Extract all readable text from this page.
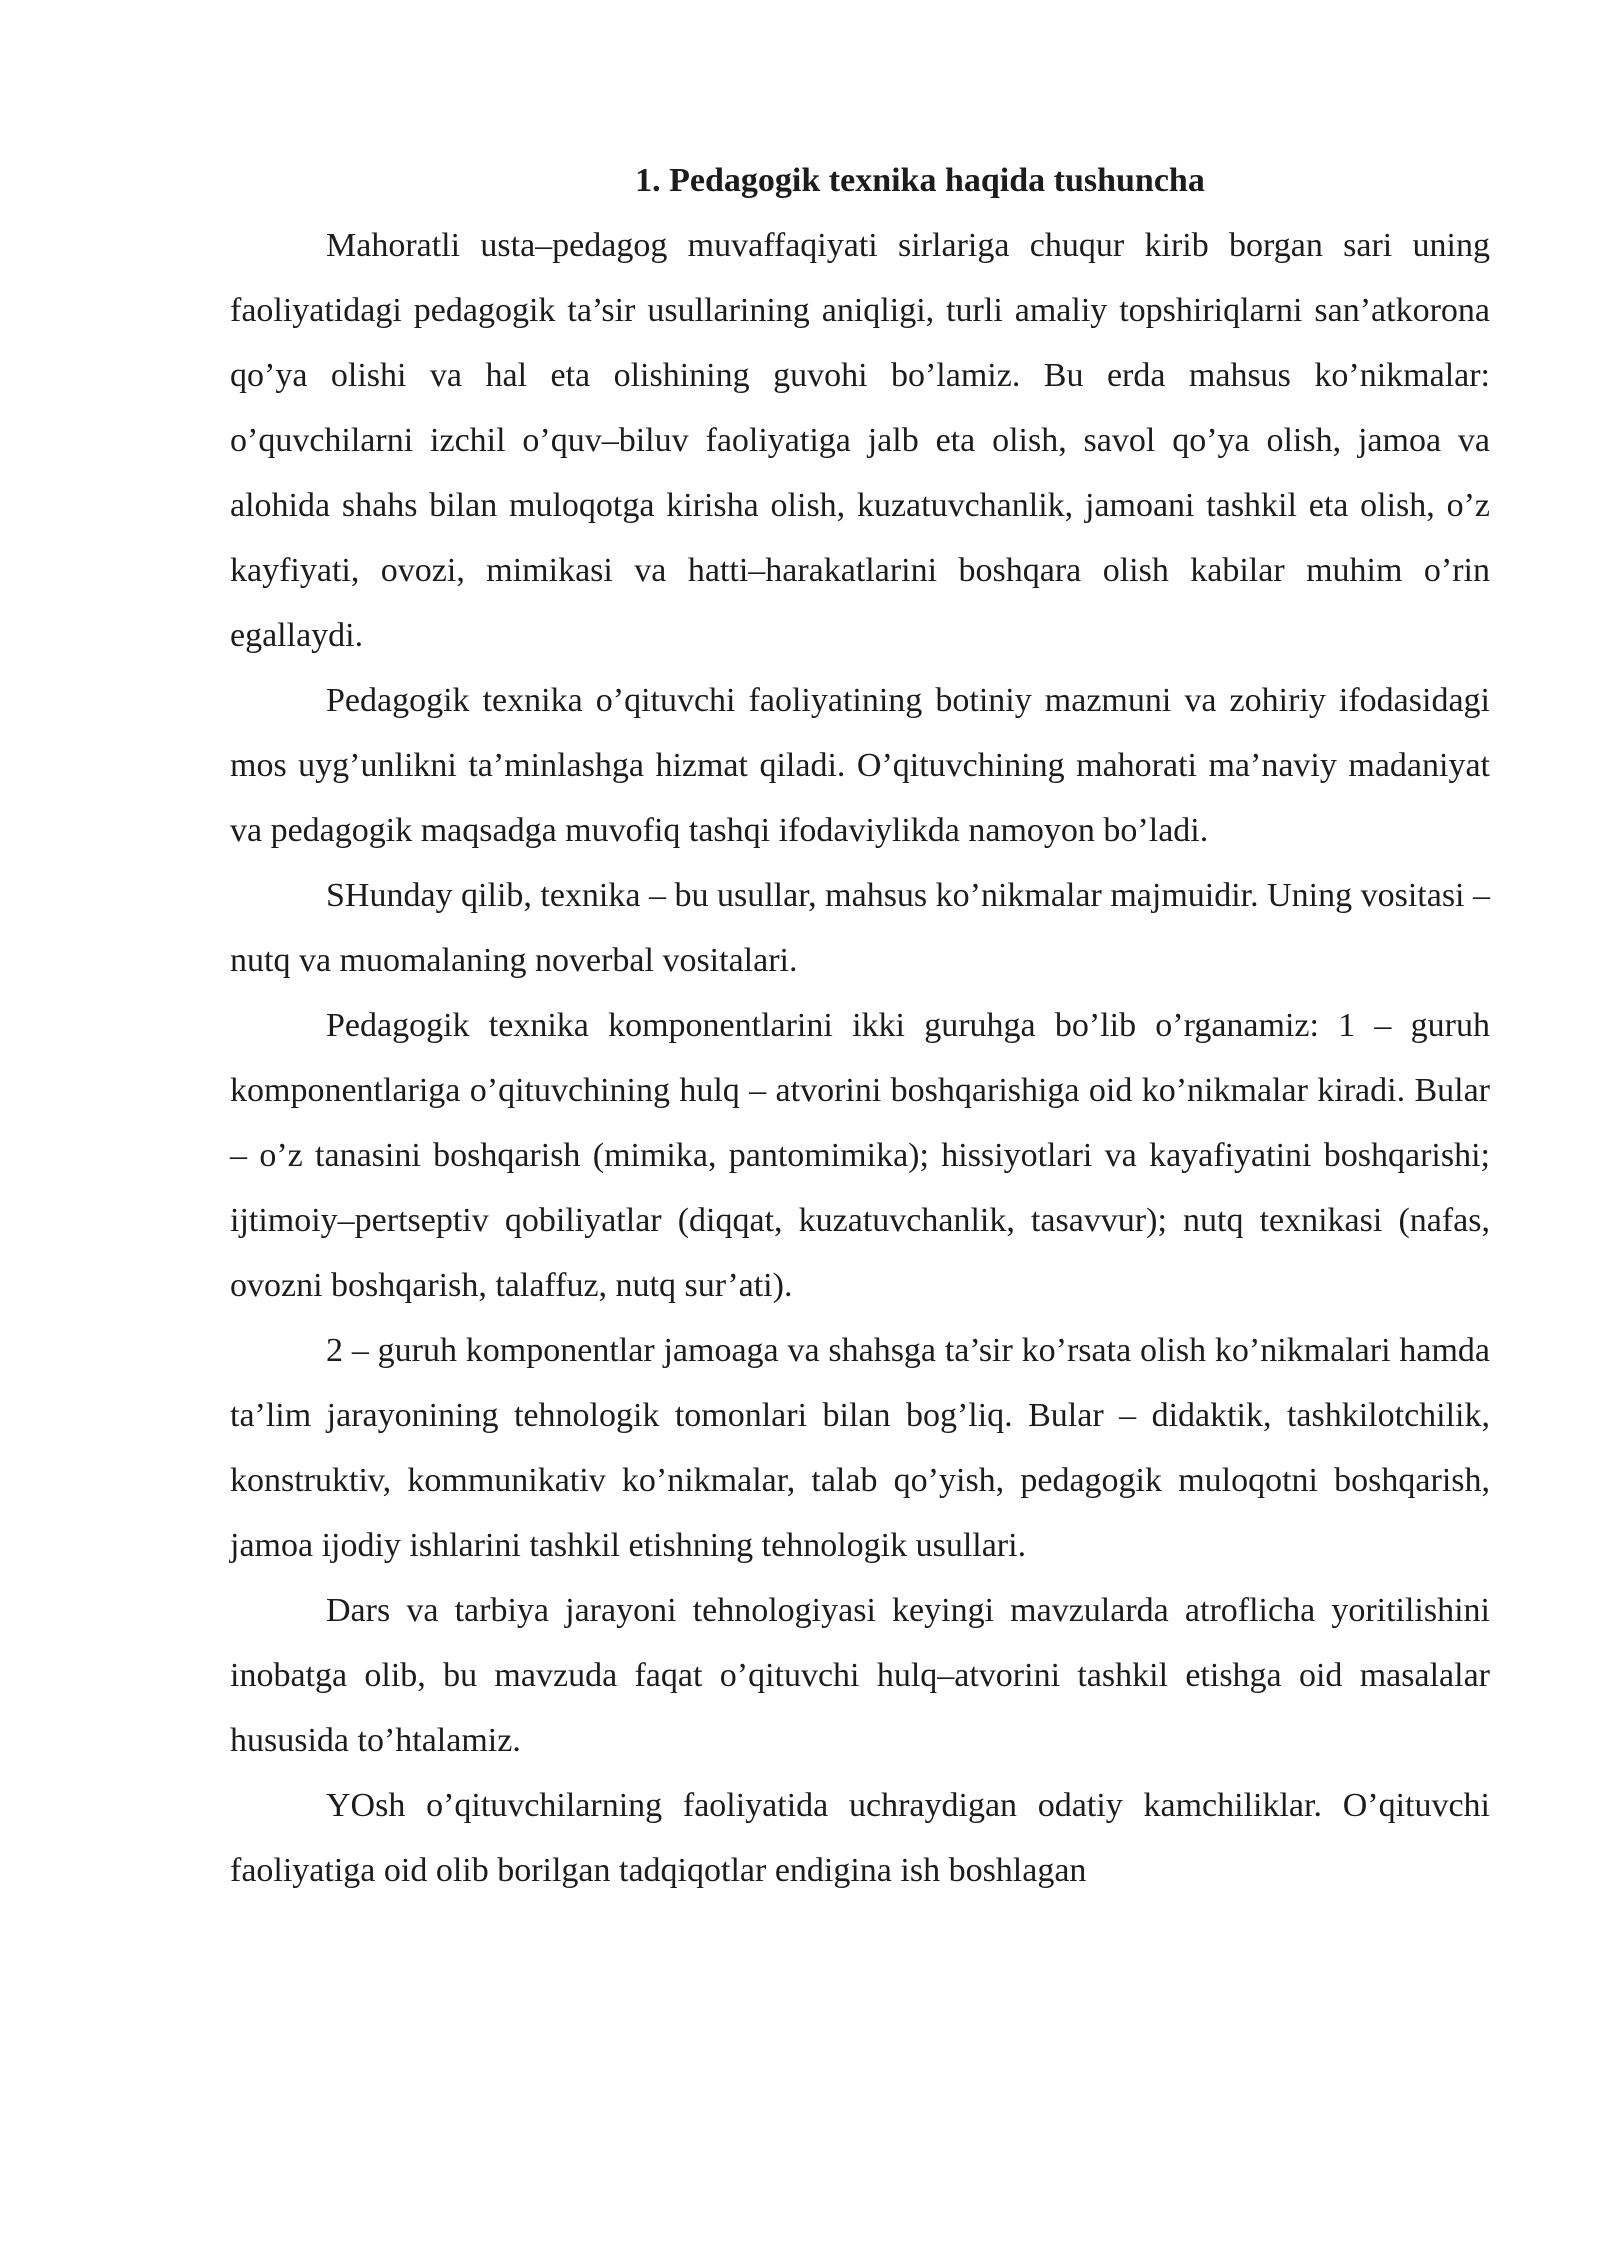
1. Pedagogik texnika haqida tushuncha

Mahoratli usta–pedagog muvaffaqiyati sirlariga chuqur kirib borgan sari uning faoliyatidagi pedagogik ta’sir usullarining aniqligi, turli amaliy topshiriqlarni san’atkorona qo’ya olishi va hal eta olishining guvohi bo’lamiz. Bu erda mahsus ko’nikmalar: o’quvchilarni izchil o’quv–biluv faoliyatiga jalb eta olish, savol qo’ya olish, jamoa va alohida shahs bilan muloqotga kirisha olish, kuzatuvchanlik, jamoani tashkil eta olish, o’z kayfiyati, ovozi, mimikasi va hatti–harakatlarini boshqara olish kabilar muhim o’rin egallaydi.

Pedagogik texnika o’qituvchi faoliyatining botiniy mazmuni va zohiriy ifodasidagi mos uyg’unlikni ta’minlashga hizmat qiladi. O’qituvchining mahorati ma’naviy madaniyat va pedagogik maqsadga muvofiq tashqi ifodaviylikda namoyon bo’ladi.

SHunday qilib, texnika – bu usullar, mahsus ko’nikmalar majmuidir. Uning vositasi – nutq va muomalaning noverbal vositalari.

Pedagogik texnika komponentlarini ikki guruhga bo’lib o’rganamiz: 1 – guruh komponentlariga o’qituvchining hulq – atvorini boshqarishiga oid ko’nikmalar kiradi. Bular – o’z tanasini boshqarish (mimika, pantomimika); hissiyotlari va kayafiyatini boshqarishi; ijtimoiy–pertseptiv qobiliyatlar (diqqat, kuzatuvchanlik, tasavvur); nutq texnikasi (nafas, ovozni boshqarish, talaffuz, nutq sur’ati).

2 – guruh komponentlar jamoaga va shahsga ta’sir ko’rsata olish ko’nikmalari hamda ta’lim jarayonining tehnologik tomonlari bilan bog’liq. Bular – didaktik, tashkilotchilik, konstruktiv, kommunikativ ko’nikmalar, talab qo’yish, pedagogik muloqotni boshqarish, jamoa ijodiy ishlarini tashkil etishning tehnologik usullari.

Dars va tarbiya jarayoni tehnologiyasi keyingi mavzularda atroflicha yoritilishini inobatga olib, bu mavzuda faqat o’qituvchi hulq–atvorini tashkil etishga oid masalalar hususida to’htalamiz.

YOsh o’qituvchilarning faoliyatida uchraydigan odatiy kamchiliklar. O’qituvchi faoliyatiga oid olib borilgan tadqiqotlar endigina ish boshlagan
